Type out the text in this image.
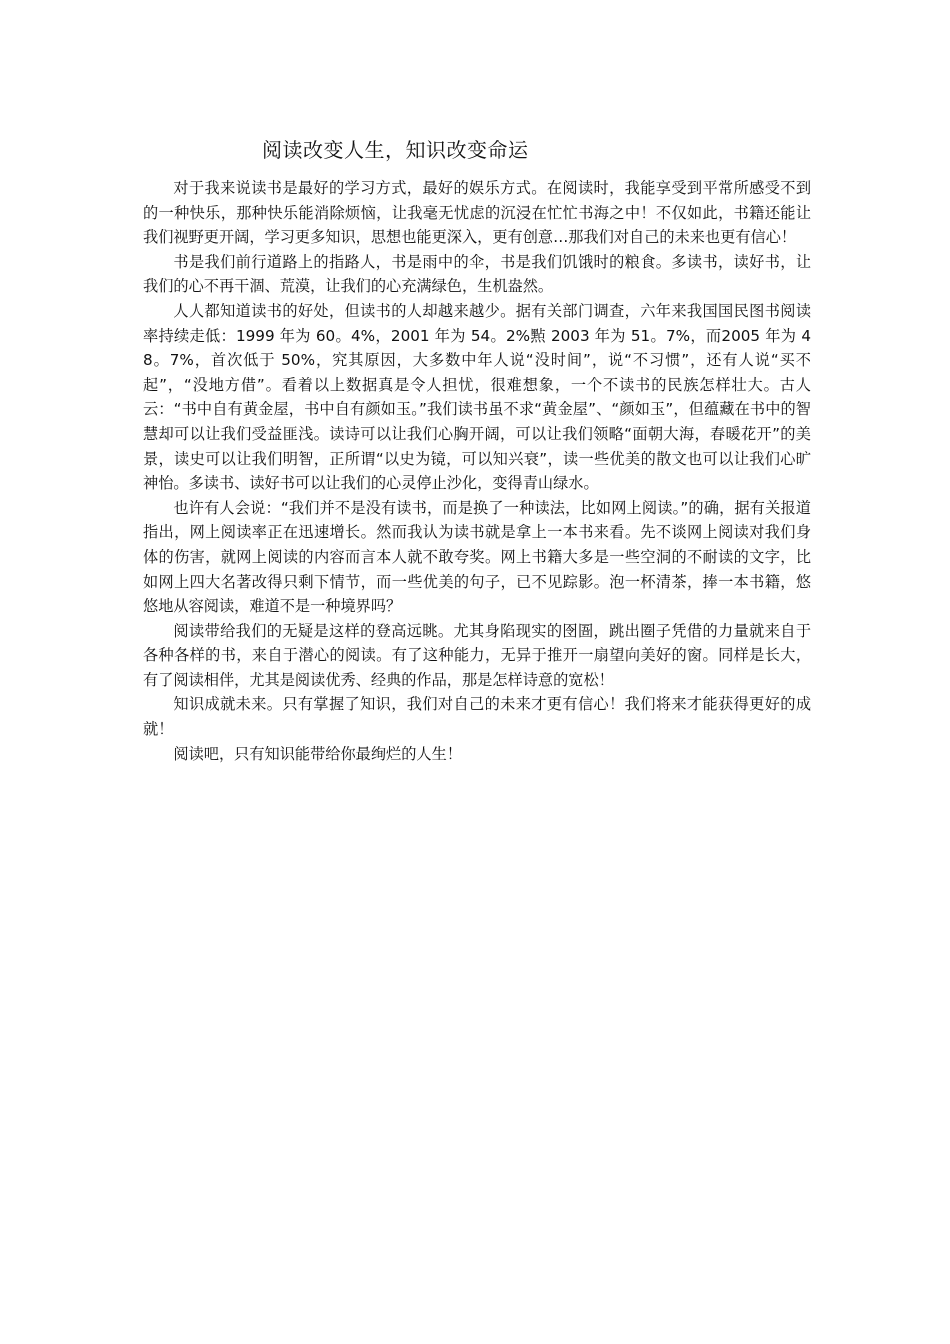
阅读改变人生，知识改变命运

对于我来说读书是最好的学习方式，最好的娱乐方式。在阅读时，我能享受到平常所感受不到的一种快乐，那种快乐能消除烦恼，让我毫无忧虑的沉浸在忙忙书海之中！不仅如此，书籍还能让我们视野更开阔，学习更多知识，思想也能更深入，更有创意…那我们对自己的未来也更有信心！

书是我们前行道路上的指路人，书是雨中的伞，书是我们饥饿时的粮食。多读书，读好书，让我们的心不再干涸、荒漠，让我们的心充满绿色，生机盎然。

人人都知道读书的好处，但读书的人却越来越少。据有关部门调查，六年来我国国民图书阅读率持续走低：1999 年为 60。4%，2001 年为 54。2%㸃 2003 年为 51。7%，而2005 年为 48。7%，首次低于 50%，究其原因，大多数中年人说“没时间”，说“不习惯”，还有人说“买不起”，“没地方借”。看着以上数据真是令人担忧，很难想象，一个不读书的民族怎样壮大。古人云：“书中自有黄金屋，书中自有颜如玉。”我们读书虽不求“黄金屋”、“颜如玉”，但蕴藏在书中的智慧却可以让我们受益匪浅。读诗可以让我们心胸开阔，可以让我们领略“面朝大海，春暖花开”的美景，读史可以让我们明智，正所谓“以史为镜，可以知兴衰”，读一些优美的散文也可以让我们心旷神怡。多读书、读好书可以让我们的心灵停止沙化，变得青山绿水。

也许有人会说：“我们并不是没有读书，而是换了一种读法，比如网上阅读。”的确，据有关报道指出，网上阅读率正在迅速增长。然而我认为读书就是拿上一本书来看。先不谈网上阅读对我们身体的伤害，就网上阅读的内容而言本人就不敢夸奖。网上书籍大多是一些空洞的不耐读的文字，比如网上四大名著改得只剩下情节，而一些优美的句子，已不见踪影。泡一杯清茶，捧一本书籍，悠悠地从容阅读，难道不是一种境界吗？

阅读带给我们的无疑是这样的登高远眺。尤其身陷现实的囹圄，跳出圈子凭借的力量就来自于各种各样的书，来自于潜心的阅读。有了这种能力，无异于推开一扇望向美好的窗。同样是长大，有了阅读相伴，尤其是阅读优秀、经典的作品，那是怎样诗意的宽松！

知识成就未来。只有掌握了知识，我们对自己的未来才更有信心！我们将来才能获得更好的成就！

阅读吧，只有知识能带给你最绚烂的人生！
